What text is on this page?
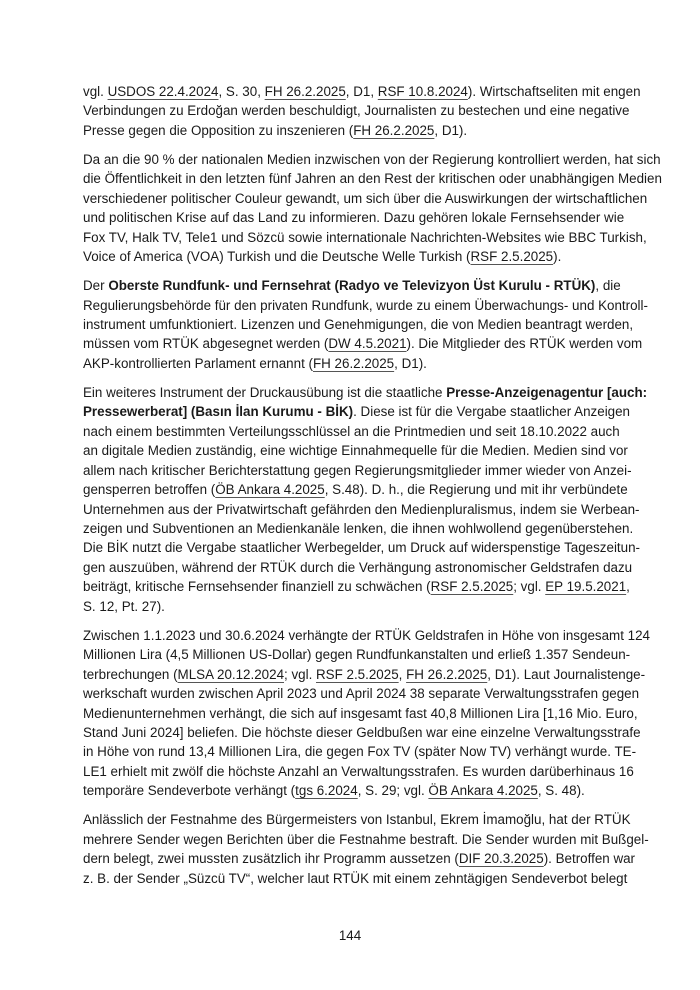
vgl. USDOS 22.4.2024, S. 30, FH 26.2.2025, D1, RSF 10.8.2024). Wirtschaftseliten mit engen
Verbindungen zu Erdoğan werden beschuldigt, Journalisten zu bestechen und eine negative
Presse gegen die Opposition zu inszenieren (FH 26.2.2025, D1).
Da an die 90 % der nationalen Medien inzwischen von der Regierung kontrolliert werden, hat sich
die Öffentlichkeit in den letzten fünf Jahren an den Rest der kritischen oder unabhängigen Medien
verschiedener politischer Couleur gewandt, um sich über die Auswirkungen der wirtschaftlichen
und politischen Krise auf das Land zu informieren. Dazu gehören lokale Fernsehsender wie
Fox TV, Halk TV, Tele1 und Sözcü sowie internationale Nachrichten-Websites wie BBC Turkish,
Voice of America (VOA) Turkish und die Deutsche Welle Turkish (RSF 2.5.2025).
Der Oberste Rundfunk- und Fernsehrat (Radyo ve Televizyon Üst Kurulu - RTÜK), die
Regulierungsbehörde für den privaten Rundfunk, wurde zu einem Überwachungs- und Kontroll-
instrument umfunktioniert. Lizenzen und Genehmigungen, die von Medien beantragt werden,
müssen vom RTÜK abgesegnet werden (DW 4.5.2021). Die Mitglieder des RTÜK werden vom
AKP-kontrollierten Parlament ernannt (FH 26.2.2025, D1).
Ein weiteres Instrument der Druckausübung ist die staatliche Presse-Anzeigenagentur [auch:
Pressewerberat] (Basın İlan Kurumu - BİK). Diese ist für die Vergabe staatlicher Anzeigen
nach einem bestimmten Verteilungsschlüssel an die Printmedien und seit 18.10.2022 auch
an digitale Medien zuständig, eine wichtige Einnahmequelle für die Medien. Medien sind vor
allem nach kritischer Berichterstattung gegen Regierungsmitglieder immer wieder von Anzei-
gensperren betroffen (ÖB Ankara 4.2025, S.48). D. h., die Regierung und mit ihr verbündete
Unternehmen aus der Privatwirtschaft gefährden den Medienpluralismus, indem sie Werbean-
zeigen und Subventionen an Medienkanäle lenken, die ihnen wohlwollend gegenüberstehen.
Die BİK nutzt die Vergabe staatlicher Werbegelder, um Druck auf widerspenstige Tageszeitun-
gen auszuüben, während der RTÜK durch die Verhängung astronomischer Geldstrafen dazu
beiträgt, kritische Fernsehsender finanziell zu schwächen (RSF 2.5.2025; vgl. EP 19.5.2021,
S. 12, Pt. 27).
Zwischen 1.1.2023 und 30.6.2024 verhängte der RTÜK Geldstrafen in Höhe von insgesamt 124
Millionen Lira (4,5 Millionen US-Dollar) gegen Rundfunkanstalten und erließ 1.357 Sendeun-
terbrechungen (MLSA 20.12.2024; vgl. RSF 2.5.2025, FH 26.2.2025, D1). Laut Journalistenge-
werkschaft wurden zwischen April 2023 und April 2024 38 separate Verwaltungsstrafen gegen
Medienunternehmen verhängt, die sich auf insgesamt fast 40,8 Millionen Lira [1,16 Mio. Euro,
Stand Juni 2024] beliefen. Die höchste dieser Geldbußen war eine einzelne Verwaltungsstrafe
in Höhe von rund 13,4 Millionen Lira, die gegen Fox TV (später Now TV) verhängt wurde. TE-
LE1 erhielt mit zwölf die höchste Anzahl an Verwaltungsstrafen. Es wurden darüberhinaus 16
temporäre Sendeverbote verhängt (tgs 6.2024, S. 29; vgl. ÖB Ankara 4.2025, S. 48).
Anlässlich der Festnahme des Bürgermeisters von Istanbul, Ekrem İmamoğlu, hat der RTÜK
mehrere Sender wegen Berichten über die Festnahme bestraft. Die Sender wurden mit Bußgel-
dern belegt, zwei mussten zusätzlich ihr Programm aussetzen (DIF 20.3.2025). Betroffen war
z. B. der Sender „Süzcü TV“, welcher laut RTÜK mit einem zehntägigen Sendeverbot belegt
144
